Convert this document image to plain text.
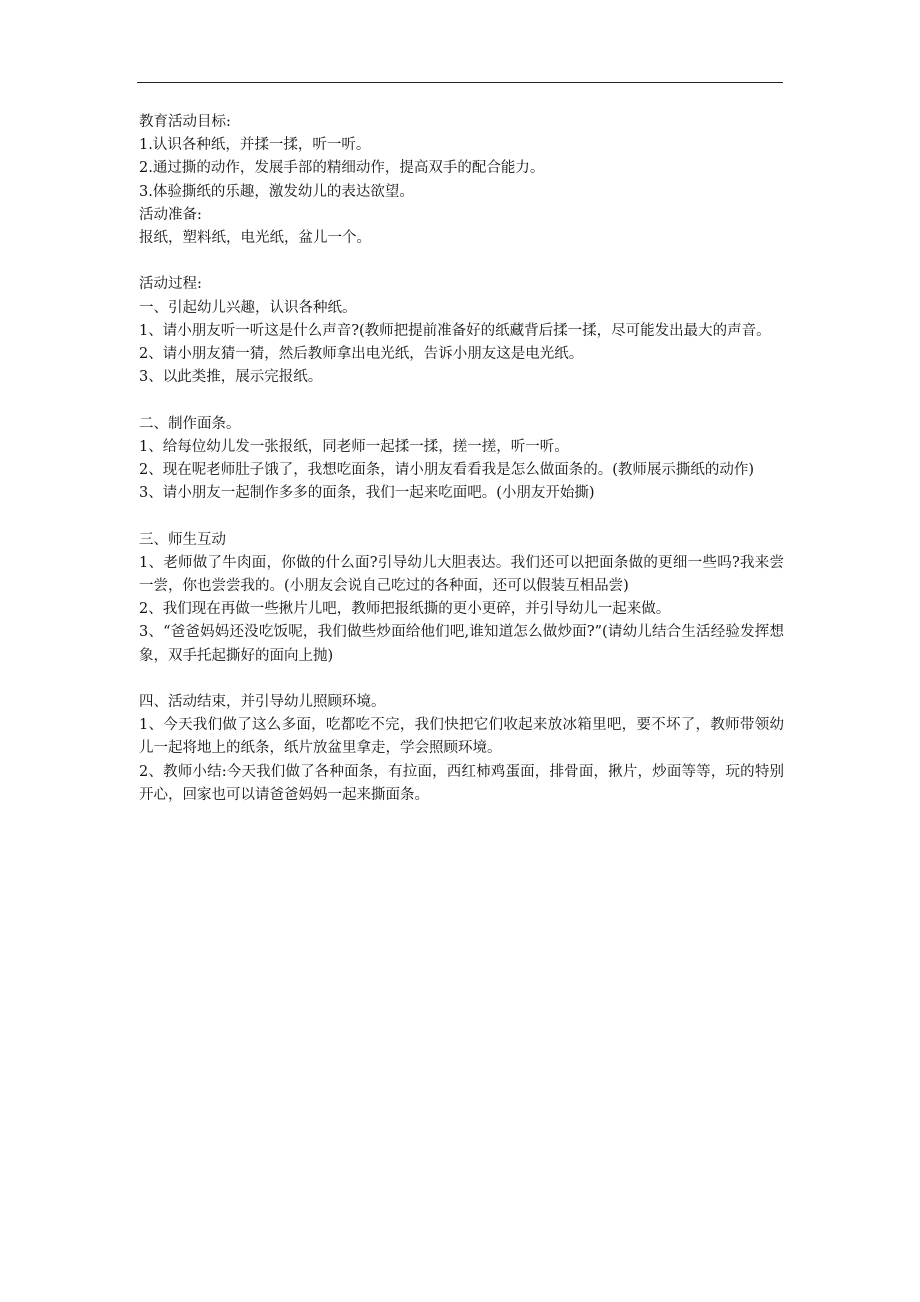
教育活动目标:
1.认识各种纸，并揉一揉，听一听。
2.通过撕的动作，发展手部的精细动作，提高双手的配合能力。
3.体验撕纸的乐趣，激发幼儿的表达欲望。
活动准备:
报纸，塑料纸，电光纸，盆儿一个。
活动过程:
一、引起幼儿兴趣，认识各种纸。
1、请小朋友听一听这是什么声音?(教师把提前准备好的纸藏背后揉一揉，尽可能发出最大的声音。
2、请小朋友猜一猜，然后教师拿出电光纸，告诉小朋友这是电光纸。
3、以此类推，展示完报纸。
二、制作面条。
1、给每位幼儿发一张报纸，同老师一起揉一揉，搓一搓，听一听。
2、现在呢老师肚子饿了，我想吃面条，请小朋友看看我是怎么做面条的。(教师展示撕纸的动作)
3、请小朋友一起制作多多的面条，我们一起来吃面吧。(小朋友开始撕)
三、师生互动
1、老师做了牛肉面，你做的什么面?引导幼儿大胆表达。我们还可以把面条做的更细一些吗?我来尝一尝，你也尝尝我的。(小朋友会说自己吃过的各种面，还可以假装互相品尝)
2、我们现在再做一些揪片儿吧，教师把报纸撕的更小更碎，并引导幼儿一起来做。
3、“爸爸妈妈还没吃饭呢，我们做些炒面给他们吧,谁知道怎么做炒面?”(请幼儿结合生活经验发挥想象，双手托起撕好的面向上抛)
四、活动结束，并引导幼儿照顾环境。
1、今天我们做了这么多面，吃都吃不完，我们快把它们收起来放冰箱里吧，要不坏了，教师带领幼儿一起将地上的纸条，纸片放盆里拿走，学会照顾环境。
2、教师小结:今天我们做了各种面条，有拉面，西红柿鸡蛋面，排骨面，揪片，炒面等等，玩的特别开心，回家也可以请爸爸妈妈一起来撕面条。
